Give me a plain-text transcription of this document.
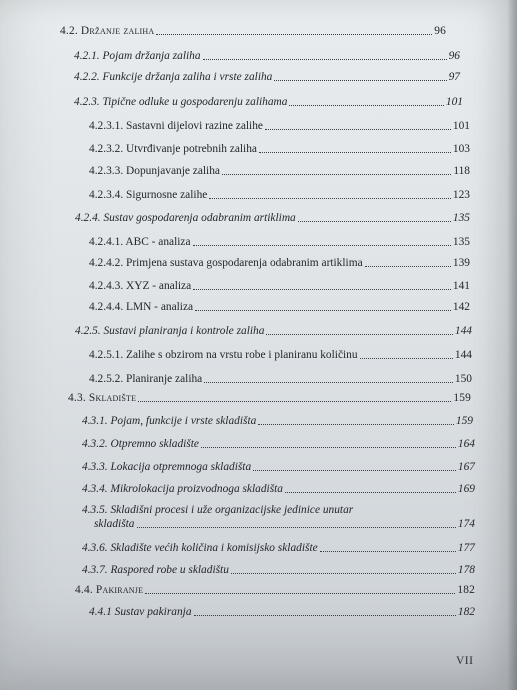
4.2. Držanje zaliha	96
4.2.1. Pojam držanja zaliha	96
4.2.2. Funkcije držanja zaliha i vrste zaliha	97
4.2.3. Tipične odluke u gospodarenju zalihama	101
4.2.3.1. Sastavni dijelovi razine zalihe	101
4.2.3.2. Utvrđivanje potrebnih zaliha	103
4.2.3.3. Dopunjavanje zaliha	118
4.2.3.4. Sigurnosne zalihe	123
4.2.4. Sustav gospodarenja odabranim artiklima	135
4.2.4.1. ABC - analiza	135
4.2.4.2. Primjena sustava gospodarenja odabranim artiklima	139
4.2.4.3. XYZ - analiza	141
4.2.4.4. LMN - analiza	142
4.2.5. Sustavi planiranja i kontrole zaliha	144
4.2.5.1. Zalihe s obzirom na vrstu robe i planiranu količinu	144
4.2.5.2. Planiranje zaliha	150
4.3. Skladište	159
4.3.1. Pojam, funkcije i vrste skladišta	159
4.3.2. Otpremno skladište	164
4.3.3. Lokacija otpremnoga skladišta	167
4.3.4. Mikrolokacija proizvodnoga skladišta	169
4.3.5. Skladišni procesi i uže organizacijske jedinice unutar
skladišta	174
4.3.6. Skladište većih količina i komisijsko skladište	177
4.3.7. Raspored robe u skladištu	178
4.4. Pakiranje	182
4.4.1 Sustav pakiranja	182
VII
